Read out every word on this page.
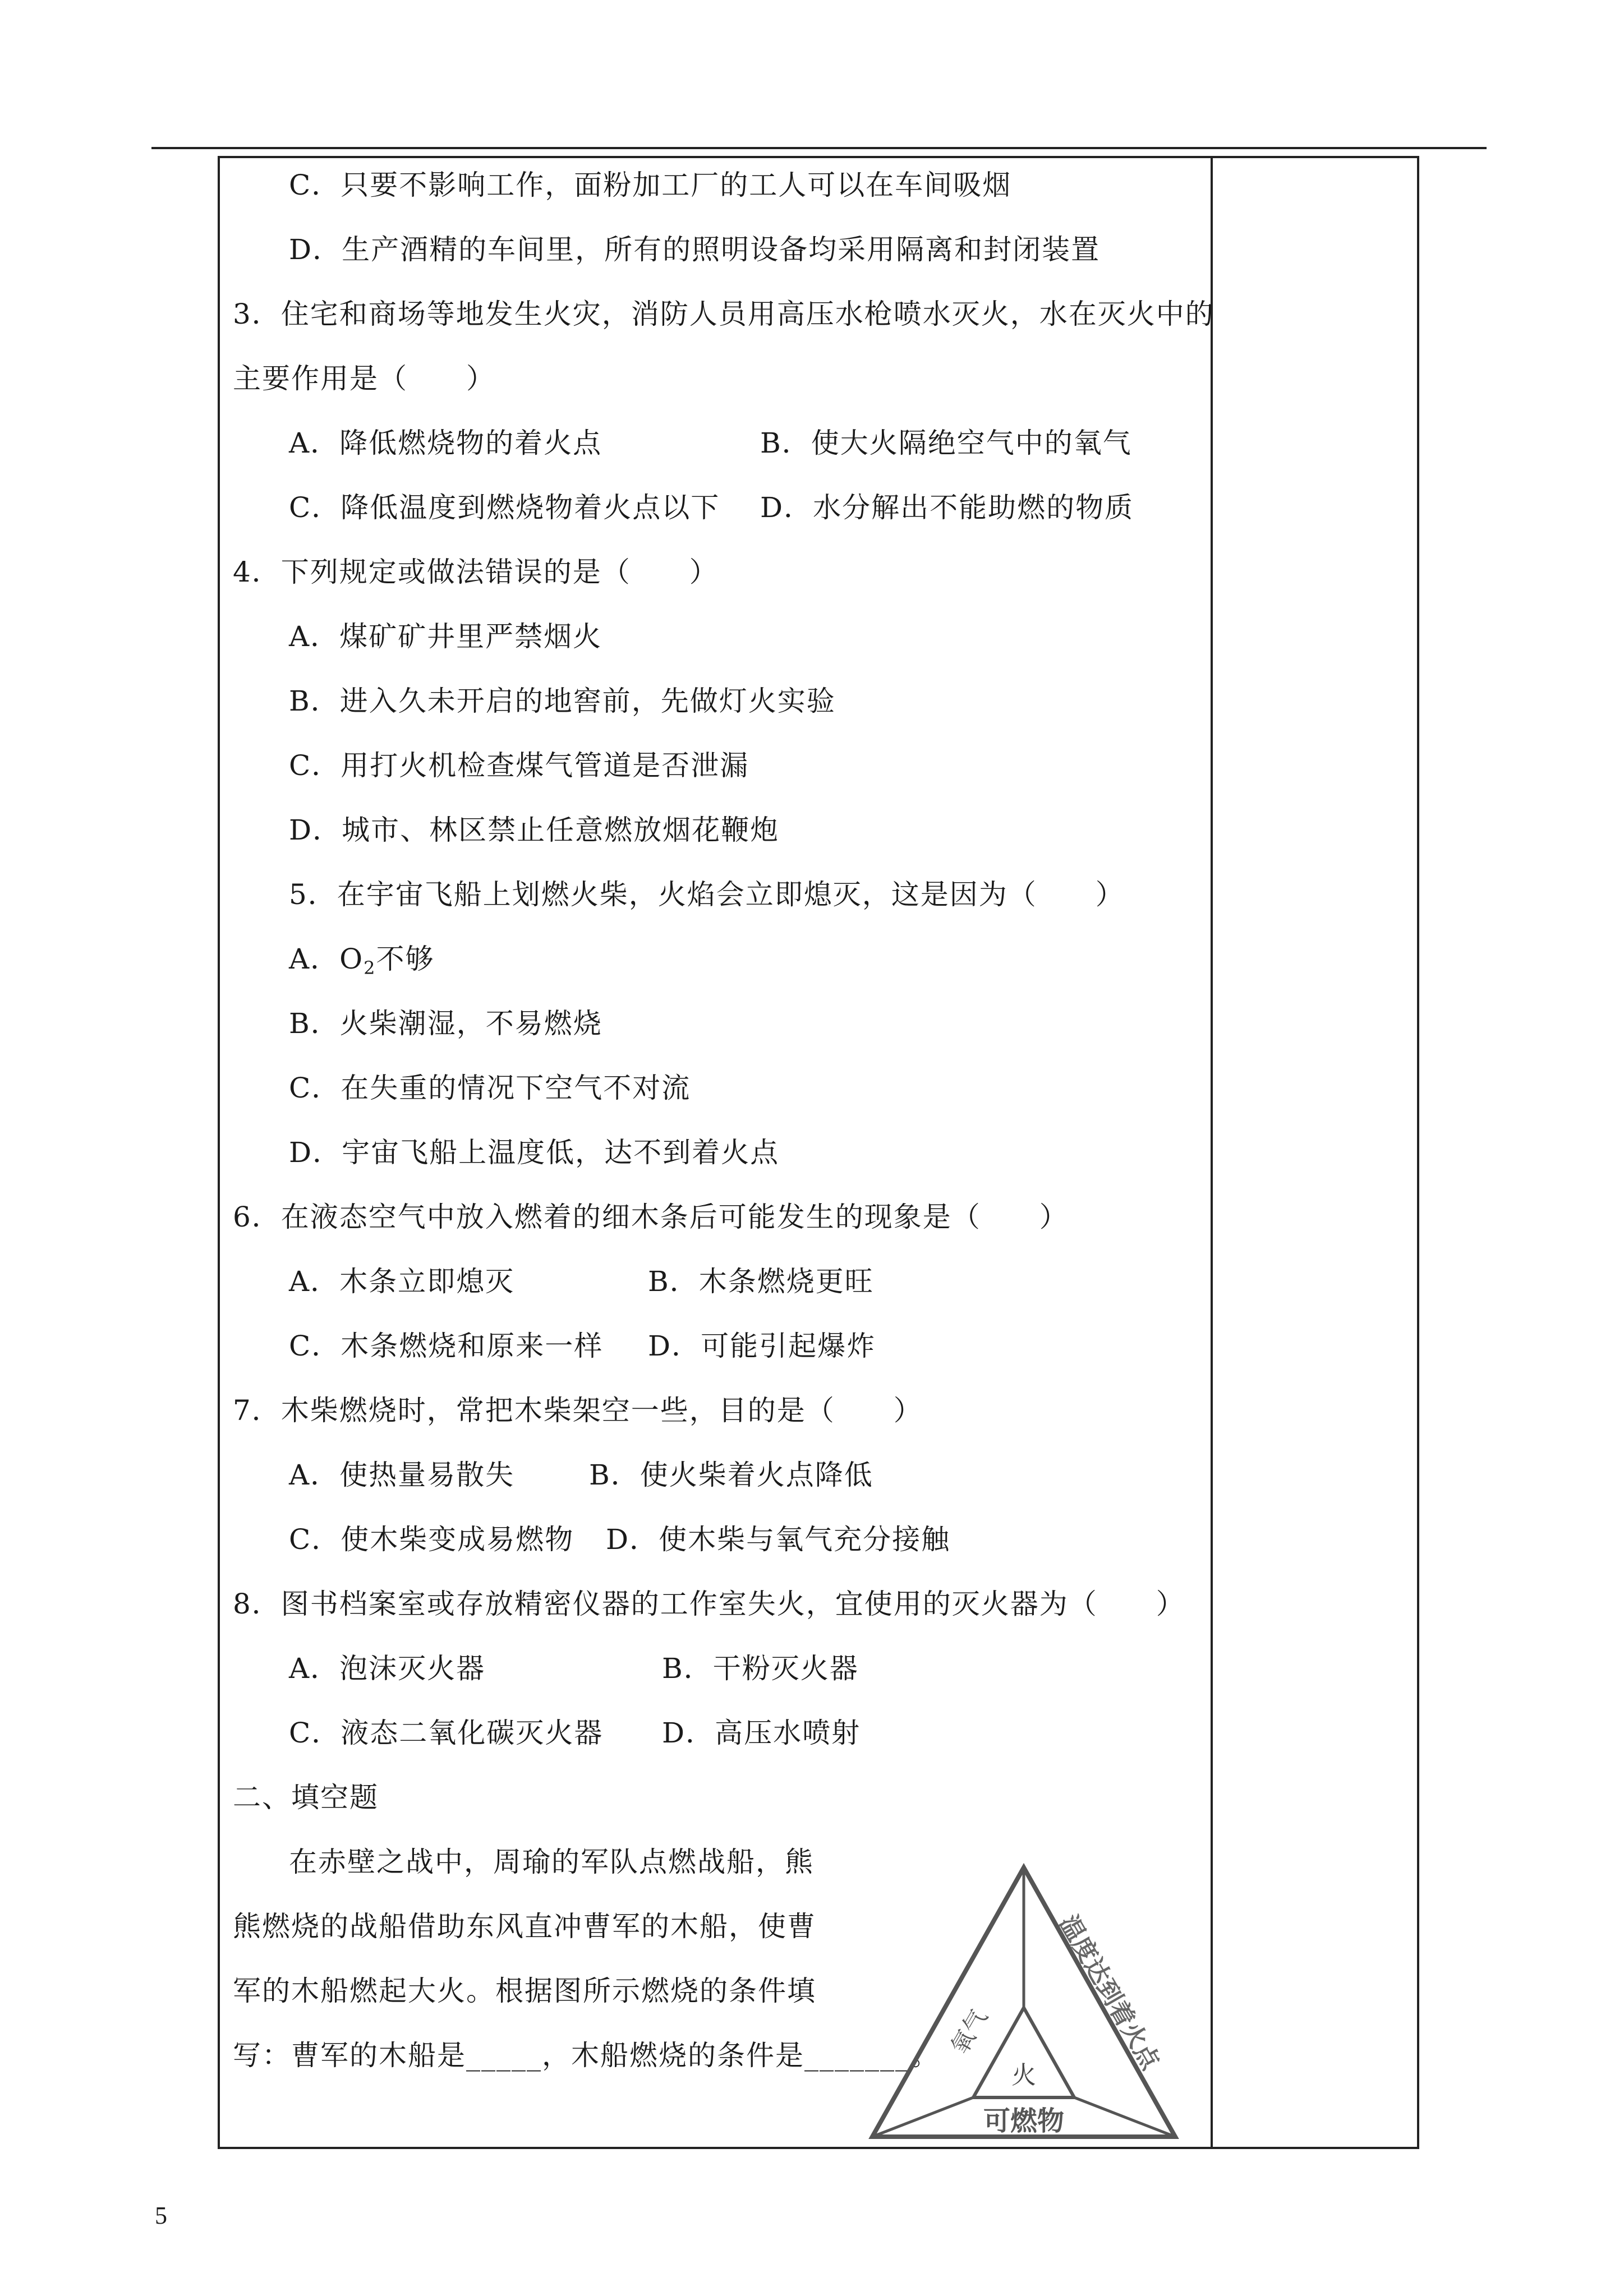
C．只要不影响工作，面粉加工厂的工人可以在车间吸烟
D．生产酒精的车间里，所有的照明设备均采用隔离和封闭装置
3．住宅和商场等地发生火灾，消防人员用高压水枪喷水灭火，水在灭火中的
主要作用是（　　）
A．降低燃烧物的着火点	B．使大火隔绝空气中的氧气
C．降低温度到燃烧物着火点以下 D．水分解出不能助燃的物质
4．下列规定或做法错误的是（　　）
A．煤矿矿井里严禁烟火
B．进入久未开启的地窖前，先做灯火实验
C．用打火机检查煤气管道是否泄漏
D．城市、林区禁止任意燃放烟花鞭炮
5．在宇宙飞船上划燃火柴，火焰会立即熄灭，这是因为（　　）
A．$O_2$不够
B．火柴潮湿，不易燃烧
C．在失重的情况下空气不对流
D．宇宙飞船上温度低，达不到着火点
6．在液态空气中放入燃着的细木条后可能发生的现象是（　　）
A．木条立即熄灭	B．木条燃烧更旺
C．木条燃烧和原来一样 D．可能引起爆炸
7．木柴燃烧时，常把木柴架空一些，目的是（　　）
A．使热量易散失	B．使火柴着火点降低
C．使木柴变成易燃物 D．使木柴与氧气充分接触
8．图书档案室或存放精密仪器的工作室失火，宜使用的灭火器为（　　）
A．泡沫灭火器	B．干粉灭火器
C．液态二氧化碳灭火器 D．高压水喷射
二、填空题
在赤壁之战中，周瑜的军队点燃战船，熊
熊燃烧的战船借助东风直冲曹军的木船，使曹
军的木船燃起大火。根据图所示燃烧的条件填
写：曹军的木船是_____，木船燃烧的条件是_______。 氧气
火
温度达到着火点
可燃物
5
